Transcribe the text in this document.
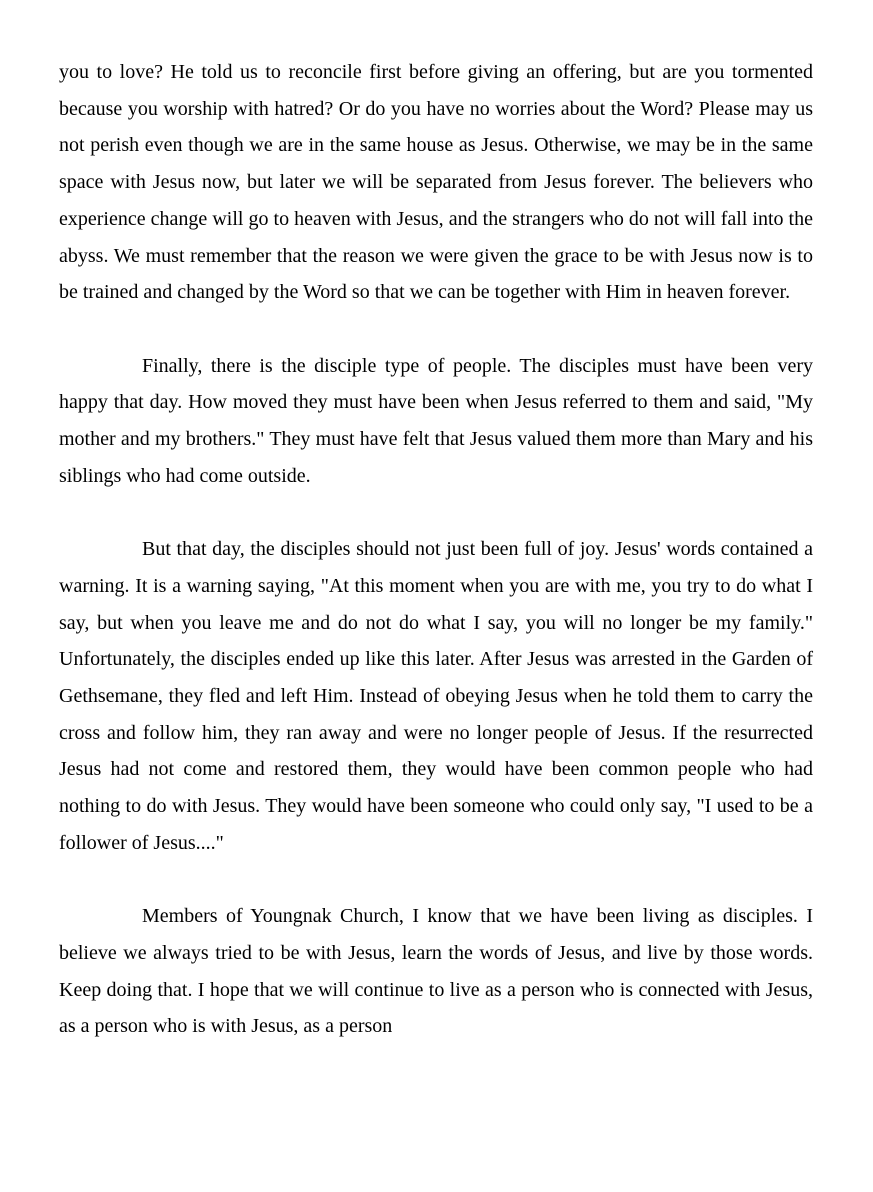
you to love? He told us to reconcile first before giving an offering, but are you tormented because you worship with hatred? Or do you have no worries about the Word? Please may us not perish even though we are in the same house as Jesus. Otherwise, we may be in the same space with Jesus now, but later we will be separated from Jesus forever. The believers who experience change will go to heaven with Jesus, and the strangers who do not will fall into the abyss. We must remember that the reason we were given the grace to be with Jesus now is to be trained and changed by the Word so that we can be together with Him in heaven forever.

Finally, there is the disciple type of people. The disciples must have been very happy that day. How moved they must have been when Jesus referred to them and said, "My mother and my brothers." They must have felt that Jesus valued them more than Mary and his siblings who had come outside.

But that day, the disciples should not just been full of joy. Jesus' words contained a warning. It is a warning saying, "At this moment when you are with me, you try to do what I say, but when you leave me and do not do what I say, you will no longer be my family." Unfortunately, the disciples ended up like this later. After Jesus was arrested in the Garden of Gethsemane, they fled and left Him. Instead of obeying Jesus when he told them to carry the cross and follow him, they ran away and were no longer people of Jesus. If the resurrected Jesus had not come and restored them, they would have been common people who had nothing to do with Jesus. They would have been someone who could only say, "I used to be a follower of Jesus...."

Members of Youngnak Church, I know that we have been living as disciples. I believe we always tried to be with Jesus, learn the words of Jesus, and live by those words. Keep doing that. I hope that we will continue to live as a person who is connected with Jesus, as a person who is with Jesus, as a person
